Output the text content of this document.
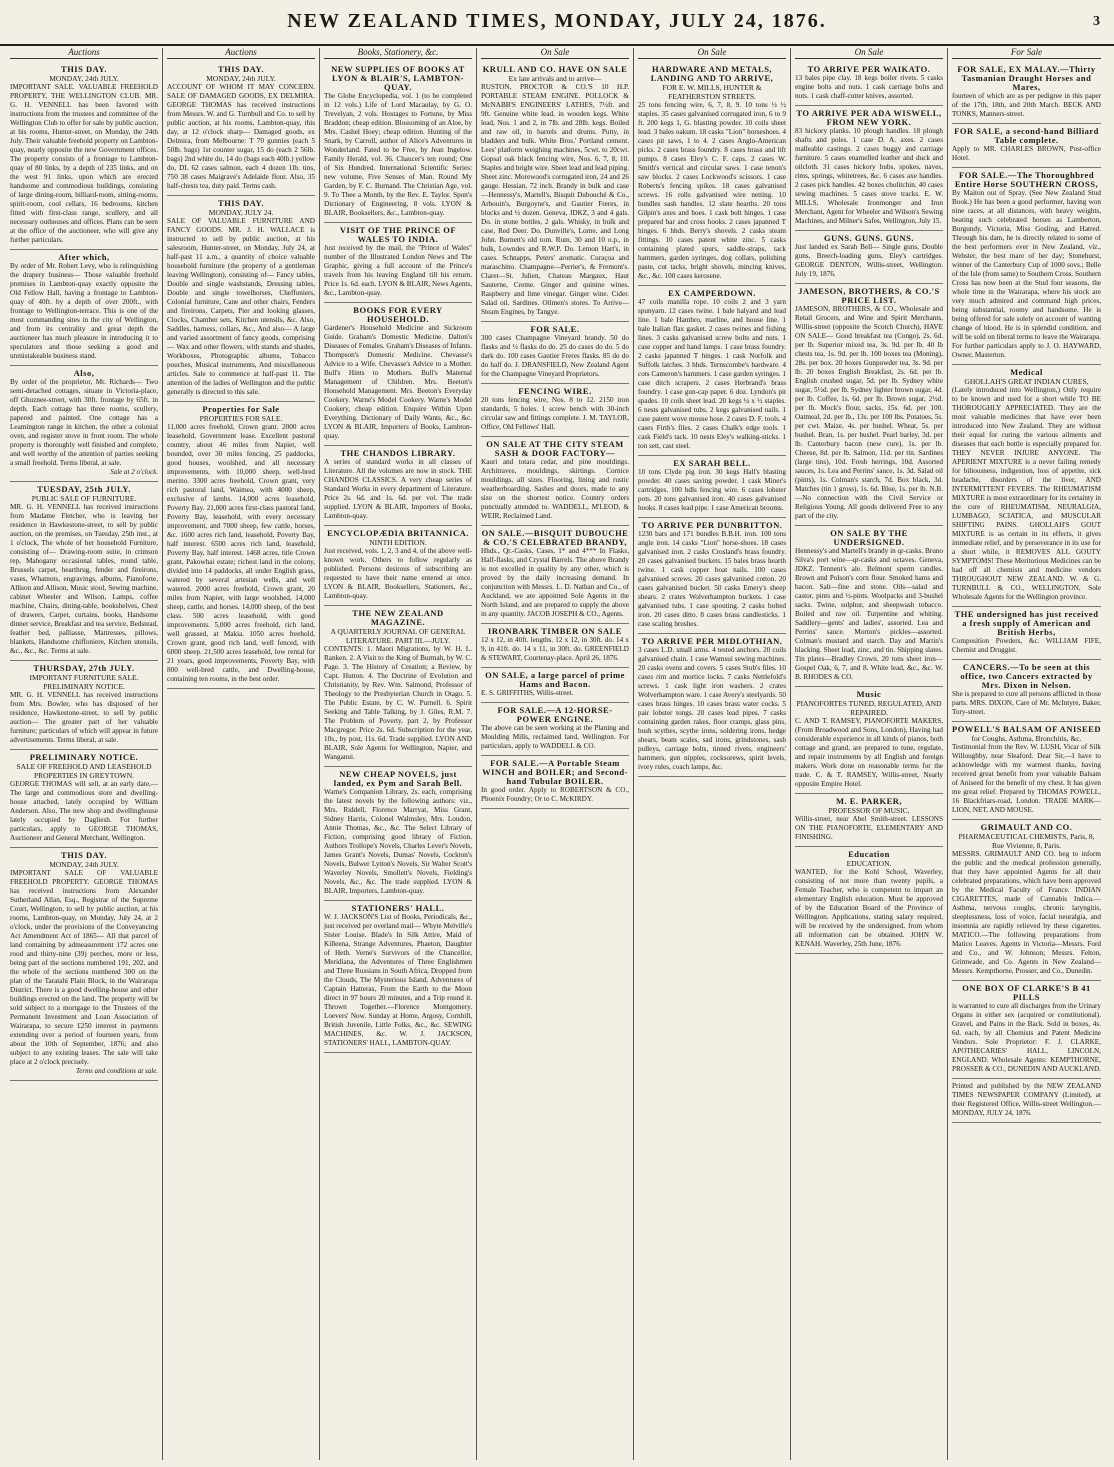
NEW ZEALAND TIMES, MONDAY, JULY 24, 1876.	3
Auctions
THIS DAY.
MONDAY, 24th JULY.
IMPORTANT SALE. VALUABLE FREEHOLD PROPERTY, THE WELLINGTON CLUB. MR. G. H. VENNELL has been favored with instructions from the trustees and committee of the Wellington Club to offer for sale by public auction, at his rooms, Hunter-street, on Monday, the 24th July. Their valuable freehold property on Lambton-quay, nearly opposite the new Government offices. The property consists of a frontage to Lambton-quay of 80 links, by a depth of 235 links, and on the west 91 links, upon which are erected handsome and commodious buildings, consisting of large dining-room, billiard-room, sitting-rooms, spirit-room, cool cellars, 16 bedrooms, kitchen fitted with first-class range, scullery, and all necessary outhouses and offices. Plans can be seen at the office of the auctioneer, who will give any further particulars.
After which,
By order of Mr. Robert Levy, who is relinquishing the drapery business— Those valuable freehold premises in Lambton-quay exactly opposite the Old Fellow Hall, having a frontage to Lambton-quay of 40ft. by a depth of over 200ft., with frontage to Wellington-terrace. This is one of the most commanding sites in the city of Wellington, and from its centrality and great depth the auctioneer has much pleasure in introducing it to speculators and those seeking a good and unmistakeable business stand.
Also,
By order of the proprietor, Mr. Richards— Two semi-detached cottages, situate in Victoria-place, off Ghuznee-street, with 30ft. frontage by 65ft. in depth. Each cottage has three rooms, scullery, papered and painted. One cottage has a Leamington range in kitchen, the other a colonial oven, and register stove in front room. The whole property is thoroughly well finished and complete, and well worthy of the attention of parties seeking a small freehold. Terms liberal, at sale.
Sale at 2 o'clock.
TUESDAY, 25th JULY.
PUBLIC SALE OF FURNITURE.
MR. G. H. VENNELL has received instructions from Madame Fletcher, who is leaving her residence in Hawkestone-street, to sell by public auction, on the premises, on Tuesday, 25th inst., at 1 o'clock, The whole of her household Furniture, consisting of— Drawing-room suite, in crimson rep, Mahogany occasional tables, round table, Brussels carpet, hearthrug, fender and fireirons, vases, Whatnots, engravings, albums, Pianoforte, Allison and Allison, Music stool, Sewing machine, cabinet Wheeler and Wilson, Lamps, coffee machine, Chairs, dining-table, bookshelves, Chest of drawers, Carpet, curtains, books, Handsome dinner service, Breakfast and tea service, Bedstead, feather bed, palliasse, Mattresses, pillows, blankets, Handsome chiffoniere, Kitchen utensils, &c., &c., &c. Terms at sale.
THURSDAY, 27th JULY.
IMPORTANT FURNITURE SALE. PRELIMINARY NOTICE.
MR. G. H. VENNELL has received instructions from Mrs. Bowler, who has disposed of her residence, Hawkestone-street, to sell by public auction— The greater part of her valuable furniture; particulars of which will appear in future advertisements. Terms liberal, at sale.
PRELIMINARY NOTICE.
SALE OF FREEHOLD AND LEASEHOLD PROPERTIES IN GREYTOWN.
GEORGE THOMAS will sell, at an early date,— The large and commodious store and dwelling-house attached, lately occupied by William Anderson. Also, The new shop and dwellinghouse lately occupied by Dagliesh. For further particulars, apply to GEORGE THOMAS, Auctioneer and General Merchant, Wellington.
THIS DAY.
MONDAY, 24th JULY.
IMPORTANT SALE OF VALUABLE FREEHOLD PROPERTY. GEORGE THOMAS has received instructions from Alexander Sutherland Allan, Esq., Registrar of the Supreme Court, Wellington, to sell by public auction, at his rooms, Lambton-quay, on Monday, July 24, at 2 o'clock, under the provisions of the Conveyancing Act Amendment Act of 1865— All that parcel of land containing by admeasurement 172 acres one rood and thirty-nine (39) perches, more or less, being part of the sections numbered 191, 202, and the whole of the sections numbered 300 on the plan of the Taratahi Plain Block, in the Wairarapa District. There is a good dwelling-house and other buildings erected on the land. The property will be sold subject to a mortgage to the Trustees of the Permanent Investment and Loan Association of Wairarapa, to secure £250 interest in payments extending over a period of fourteen years, from about the 10th of September, 1876; and also subject to any existing leases. The sale will take place at 2 o'clock precisely.
Terms and conditions at sale.
Auctions
THIS DAY.
MONDAY, 24th JULY.
ACCOUNT OF WHOM IT MAY CONCERN. SALE OF DAMAGED GOODS, EX DELMIRA. GEORGE THOMAS has received instructions from Messrs. W. and G. Turnbull and Co. to sell by public auction, at his rooms, Lambton-quay, this day, at 12 o'clock sharp— Damaged goods, ex Delmira, from Melbourne: T 70 gunnies (each 5 50lb. bags) 1st counter sugar, 15 do (each 2 56lb. bags) 2nd white do, 14 do (bags each 40lb.) yellow do, DL 62 cases salmon, each 4 dozen 1lb. tins, 750 38 cases Maigrave's Adelaide flour. Also, 35 half-chests tea, duty paid. Terms cash.
THIS DAY.
MONDAY, JULY 24.
SALE OF VALUABLE FURNITURE AND FANCY GOODS. MR. J. H. WALLACE is instructed to sell by public auction, at his salesroom, Hunter-street, on Monday, July 24, at half-past 11 a.m., a quantity of choice valuable household furniture (the property of a gentleman leaving Wellington), consisting of— Fancy tables, Double and single washstands, Dressing tables, Double and single towelhorses, Cheffoniers, Colonial furniture, Cane and other chairs, Fenders and fireirons, Carpets, Pier and looking glasses, Clocks, Chamber sets, Kitchen utensils, &c. Also, Saddles, harness, collars, &c., And also— A large and varied assortment of fancy goods, comprising— Wax and other flowers, with stands and shades, Workboxes, Photographic albums, Tobacco pouches, Musical instruments, And miscellaneous articles. Sale to commence at half-past 11. The attention of the ladies of Wellington and the public generally is directed to this sale.
Properties for Sale
PROPERTIES FOR SALE.
11,000 acres freehold, Crown grant. 2000 acres leasehold, Government lease. Excellent pastoral country, about 46 miles from Napier, well bounded, over 30 miles fencing, 25 paddocks, good houses, woolshed, and all necessary improvements, with 10,000 sheep, well-bred merino. 3300 acres freehold, Crown grant, very rich pastoral land, Waimea, with 4000 sheep, exclusive of lambs. 14,000 acres leasehold, Poverty Bay. 21,000 acres first-class pastoral land, Poverty Bay, leasehold, with every necessary improvement, and 7000 sheep, few cattle, horses, &c. 1600 acres rich land, leasehold, Poverty Bay, half interest. 6500 acres rich land, leasehold, Poverty Bay, half interest. 1468 acres, title Crown grant, Pakowhai estate; richest land in the colony, divided into 14 paddocks, all under English grass, watered by several artesian wells, and well watered. 2000 acres freehold, Crown grant, 20 miles from Napier, with large woolshed, 14,000 sheep, cattle, and horses. 14,000 sheep, of the best class. 500 acres leasehold, with good improvements. 5,000 acres freehold, rich land, well grassed, at Makia. 1050 acres freehold, Crown grant, good rich land, well fenced, with 6000 sheep. 21,500 acres leasehold, low rental for 21 years, good improvements, Poverty Bay, with 800 well-bred cattle, and Dwelling-house, containing ten rooms, in the best order.
Books, Stationery, &c.
NEW SUPPLIES OF BOOKS AT LYON & BLAIR'S, LAMBTON-QUAY.
The Globe Encyclopedia, vol. 1 (to be completed in 12 vols.) Life of Lord Macaulay, by G. O. Trevelyan, 2 vols. Hostages to Fortune, by Miss Braddon; cheap edition. Blossoming of an Aloe, by Mrs. Cashel Hoey; cheap edition. Hunting of the Snark, by Carroll, author of Alice's Adventures in Wonderland. Fated to be Free, by Jean Ingelow. Family Herald, vol. 36. Chaucer's ten round; One of Six Hundred. International Scientific Series: new volume, Five Senses of Man. Round My Garden, by F. C. Burnand. The Christian Age, vol. 9. To Thee a Month, by the Rev. E. Taylor. Spon's Dictionary of Engineering, 8 vols. LYON & BLAIR, Booksellers, &c., Lambton-quay.
VISIT OF THE PRINCE OF WALES TO INDIA.
Just received by the mail, the "Prince of Wales" number of the Illustrated London News and The Graphic, giving a full account of the Prince's travels from his leaving England till his return. Price 1s. 6d. each. LYON & BLAIR, News Agents, &c., Lambton-quay.
BOOKS FOR EVERY HOUSEHOLD.
Gardener's Household Medicine and Sickroom Guide. Graham's Domestic Medicine. Dalton's Diseases of Females. Graham's Diseases of Infants. Thompson's Domestic Medicine. Chevasse's Advice to a Wife. Chevasse's Advice to a Mother. Bull's Hints to Mothers. Bull's Maternal Management of Children. Mrs. Beeton's Household Management. Mrs. Beeton's Everyday Cookery. Warne's Model Cookery. Warne's Model Cookery, cheap edition. Enquire Within Upon Everything. Dictionary of Daily Wants, &c., &c. LYON & BLAIR, Importers of Books, Lambton-quay.
THE CHANDOS LIBRARY.
A series of standard works in all classes of Literature. All the volumes are now in stock. THE CHANDOS CLASSICS. A very cheap series of Standard Works in every department of Literature. Price 2s. 6d. and 1s. 6d. per vol. The trade supplied. LYON & BLAIR, Importers of Books, Lambton-quay.
ENCYCLOPÆDIA BRITANNICA.
NINTH EDITION.
Just received, vols. 1, 2, 3 and 4, of the above well-known work. Others to follow regularly as published. Persons desirous of subscribing are requested to have their name entered at once. LYON & BLAIR, Booksellers, Stationers, &c., Lambton-quay.
THE NEW ZEALAND MAGAZINE.
A QUARTERLY JOURNAL OF GENERAL LITERATURE. PART III.—JULY.
CONTENTS: 1. Maori Migrations, by W. H. L. Ranken. 2. A Visit to the King of Burmah, by W. C. Page. 3. The History of Creation; a Review, by Capt. Hutton. 4. The Doctrine of Evolution and Christianity, by Rev. Wm. Salmond, Professor of Theology to the Presbyterian Church in Otago. 5. The Public Estate, by C. W. Purnell. 6. Spirit Seeking and Table Talking, by J. Giles, R.M. 7. The Problem of Poverty, part 2, by Professor Macgregor. Price 2s. 6d. Subscription for the year, 10s., by post, 11s. 6d. Trade supplied. LYON AND BLAIR, Sole Agents for Wellington, Napier, and Wanganui.
NEW CHEAP NOVELS, just landed, ex Pym and Sarah Bell.
Warne's Companion Library, 2s. each, comprising the latest novels by the following authors: viz., Mrs. Riddell, Florence Marryat, Miss Grant, Sidney Harris, Colonel Walmsley, Mrs. Loudon, Annie Thomas, &c., &c. The Select Library of Fiction, comprising good library of Fiction. Authors Trollope's Novels, Charles Lever's Novels, James Grant's Novels, Dumas' Novels, Cockton's Novels, Bulwer Lytton's Novels, Sir Walter Scott's Waverley Novels, Smollett's Novels, Fielding's Novels, &c., &c. The trade supplied. LYON & BLAIR, Importers, Lambton-quay.
STATIONERS' HALL.
W. J. JACKSON'S List of Books, Periodicals, &c., just received per overland mail— Whyte Melville's Sister Louise. Blade's In Silk Attire, Maid of Killeena, Strange Adventures, Phaeton, Daughter of Heth. Verne's Survivors of the Chancellor, Meridiana, the Adventures of Three Englishmen and Three Russians in South Africa, Dropped from the Clouds, The Mysterious Island, Adventures of Captain Hatteras, From the Earth to the Moon direct in 97 hours 20 minutes, and a Trip round it. Thrown Together.—Florence Montgomery. Loevers' Now. Sunday at Home, Argosy, Cornhill, British Juvenile, Little Folks, &c., &c. SEWING MACHINES, &c. W. J. JACKSON, STATIONERS' HALL, LAMBTON-QUAY.
On Sale
KRULL AND CO. HAVE ON SALE
Ex late arrivals and to arrive—
RUSTON, PROCTOR & CO.'S 10 H.P. PORTABLE STEAM ENGINE. POLLOCK & McNABB'S ENGINEERS' LATHES, 7½ft. and 9ft. Genuine white lead, in wooden kegs. White lead, Nos. 1 and 2, in 7lb. and 28lb. kegs. Boiled and raw oil, in barrels and drums. Putty, in bladders and bulk. White Bros.' Portland cement. Lees' platform weighing machines, 5cwt. to 20cwt. Gopsal oak black fencing wire, Nos. 6, 7, 8, 10. Staples and bright wire. Sheet lead and lead piping. Sheet zinc. Morewood's corrugated iron, 24 and 26 gauge. Hessian, 72 inch. Brandy in bulk and case—Hennessy's, Martell's, Bisquit Dubouché & Co., Arbouin's, Burgoyne's, and Gautier Freres, in blocks and ½ dozen. Geneva, JDKZ, 3 and 4 gals. Do. in stone bottles, 2 gals. Whisky, in bulk and case, Red Deer. Do. Dunville's, Lorne, and Long John. Burnett's old tom. Rum, 30 and 10 o.p., in bulk, Lowndes and R.W.P. Do. Lemon Hart's, in cases. Schnapps, Peters' aromatic. Curaçoa and maraschino. Champagne—Perrier's, & Fremont's. Claret—St. Julien, Chateau Margaux, Haut Sauterne, Creme. Ginger and quinine wines. Raspberry and lime vinegar. Ginger wine. Cider. Salad oil. Sardines. Oilmen's stores. To Arrive—Steam Engines, by Tangye.
FOR SALE.
300 cases Champagne Vineyard brandy. 50 do flasks and ½ flasks do do. 25 do cases do do. 5 do dark do. 100 cases Gautier Freres flasks. 85 do do do half do. J. DRANSFIELD, New Zealand Agent for the Champagne Vineyard Proprietors.
FENCING WIRE.
20 tons fencing wire, Nos. 8 to 12. 2150 iron standards, 5 holes. 1 screw bench with 30-inch circular saw and fittings complete. J. M. TAYLOR, Office, Old Fellows' Hall.
ON SALE AT THE CITY STEAM SASH & DOOR FACTORY—
Kauri and totara cedar, and pine mouldings. Architraves, mouldings, skirtings. Cornice mouldings, all sizes. Flooring, lining and rustic weatherboarding. Sashes and doors, made to any size on the shortest notice. Country orders punctually attended to. WADDELL, M'LEOD, & WEIR, Reclaimed Land.
ON SALE.—BISQUIT DUBOUCHE & CO.'S CELEBRATED BRANDY,
Hhds., Qr.-Casks, Cases, 1* and 4*** In Flasks, Half-flasks, and Crystal Barrels. The above Brandy is not excelled in quality by any other, which is proved by the daily increasing demand. In conjunction with Messrs. L. D. Nathan and Co., of Auckland, we are appointed Sole Agents in the North Island, and are prepared to supply the above in any quantity. JACOB JOSEPH & CO., Agents.
IRONBARK TIMBER ON SALE
12 x 12, in 40ft. lengths. 12 x 12, in 30ft. do. 14 x 9, in 41ft. do. 14 x 11, in 30ft. do. GREENFIELD & STEWART, Courtenay-place. April 26, 1876.
ON SALE, a large parcel of prime Hams and Bacon.
E. S. GRIFFITHS, Willis-street.
FOR SALE.—A 12-HORSE-POWER ENGINE.
The above can be seen working at the Planing and Moulding Mills, reclaimed land, Wellington. For particulars, apply to WADDELL & CO.
FOR SALE.—A Portable Steam WINCH and BOILER; and Second-hand Tubular BOILER.
In good order. Apply to ROBERTSON & CO., Phoenix Foundry; Or to C. McKIRDY.
On Sale
HARDWARE AND METALS, LANDING AND TO ARRIVE,
FOR E. W. MILLS, HUNTER & FEATHERSTON STREETS.
25 tons fencing wire, 6, 7, 8, 9. 10 tons ½ ½ staples. 35 cases galvanised corrugated iron, 6 to 9 ft. 200 kegs 1, G. blasting powder. 10 coils sheet lead. 3 bales oakum. 18 casks "Lion" horseshoes. 4 cases pit saws, 1 to 4. 2 cases Anglo-American picks. 2 cases brass foundry. 8 cases brass and lift pumps. 8 cases Eley's C. F. caps. 2 cases W. Smith's vertical and circular saws. 1 case tenon's saw blocks. 2 cases Lockwood's scissors. 1 case Roberts's fencing spikes. 18 cases galvanised screws. 16 rolls galvanised wire netting. 10 bundles sash handles. 12 slate hearths. 20 tons Gilpin's axes and hoes. 1 cask bolt hinges. 1 case prepared bar and cross hooks. 2 cases japanned T hinges. 6 hhds. Berry's shovels. 2 casks steam fittings. 10 cases patent white zinc. 5 casks containing plated spurs, saddle-straps, tack hammers, garden syringes, dog collars, polishing paste, cut tacks, bright shovels, mincing knives, &c., &c. 100 cases kerosene.
EX CAMPERDOWN.
47 coils manilla rope. 10 coils 2 and 3 yarn spunyarn. 12 cases twine. 1 bale halyard and lead line. 1 bale Hambro, marline, and house line. 1 bale Italian flax gasket. 2 cases twines and fishing lines. 3 casks galvanised screw bolts and nuts. 1 case copper and hand lamps. 1 case brass foundry. 2 casks japanned T hinges. 1 cask Norfolk and Suffolk latches. 3 hhds. Ternscombe's hardware. 4 cots Cameron's hammers. 1 case garden syringes. 1 case ditch scrapers. 2 cases Herbrand's brass foundry. 1 case gun-cap paper. 6 doz. Lyndon's pit spades. 10 coils sheet lead. 20 kegs ¼ x ½ staples. 6 nests galvanised tubs. 2 kegs galvanised nails. 1 case patent wove mouse hose. 2 cases D. F. tools. 4 cases Firth's files. 2 cases Chalk's edge tools. 1 cask Field's tack. 10 nests Eley's walking-sticks. 1 ton sett, cast steel.
EX SARAH BELL.
10 tons Clyde pig iron. 30 kegs Hall's blasting powder. 40 cases saving powder. 1 cask Miner's cartridges. 100 bdls fencing wire. 6 cases lobster pots. 20 tons galvanised iron. 40 cases galvanised hooks. 8 cases lead pipe. 1 case American brooms.
TO ARRIVE PER DUNBRITTON.
1230 bars and 171 bundles B.B.H. iron. 100 tons angle iron. 14 casks "Lion" horse-shoes. 18 cases galvanised iron. 2 casks Crosland's brass foundry. 20 cases galvanised buckets. 15 bales brass hearth twine. 1 cask copper boat nails. 100 cases galvanised screws. 20 cases galvanised cotton. 20 cases galvanised bucket. 50 casks Emery's sheep shears. 2 crates Wolverhampton buckets. 1 case galvanised tubs. 1 case spouting. 2 casks bolted iron. 20 cases ditto. 8 cases brass candlesticks. 1 case scaling brushes.
TO ARRIVE PER MIDLOTHIAN.
3 cases L.D. small arms. 4 tested anchors. 20 coils galvanised chain. 1 case Wamsui sewing machines. 20 casks ovens and covers. 5 cases Stub's files. 10 cases rim and mortice locks. 7 casks Nettlefold's screws. 1 cask light iron washers. 2 crates Wolverhampton ware. 1 case Avery's steelyards. 50 cases brass hinges. 10 cases brass water cocks. 5 pair lobster tongs. 20 cases lead pipes. 7 casks containing garden rakes, floor cramps, glass pins, bush scythes, scythe irons, soldering irons, hedge shears, beam scales, sad irons, grindstones, sash pulleys, carriage bolts, tinned rivets, engineers' hammers, gun nipples, cocksorews, spirit levels, ivory rules, coach lamps, &c.
On Sale
TO ARRIVE PER WAIKATO.
13 bales pipe clay. 18 kegs boiler rivets. 5 casks engine bolts and nuts. 1 cask carriage bolts and nuts. 1 cask chaff-cutter knives, assorted.
TO ARRIVE PER ADA WISWELL, FROM NEW YORK.
83 hickory planks. 10 plough handles. 18 plough shafts and poles. 1 case D. A. axes. 2 cases malleable castings. 2 cases buggy and carriage furniture. 5 cases enamelled leather and duck and oilcloth. 31 cases hickory hubs, spokes, naves, rims, springs, whitetrees, &c. 6 cases axe handles. 2 cases pick handles. 42 boxes cholitchin. 40 cases sewing machines. 5 cases stove tracks. E. W. MILLS, Wholesale Ironmonger and Iron Merchant, Agent for Wheeler and Wilson's Sewing Machines, and Milner's Safes, Wellington, July 15.
GUNS. GUNS. GUNS.
Just landed ex Sarah Bell— Single guns, Double guns, Breech-loading guns, Eley's cartridges. GEORGE DENTON, Willis-street, Wellington. July 19, 1876.
JAMESON, BROTHERS, & CO.'S PRICE LIST.
JAMESON, BROTHERS, & CO., Wholesale and Retail Grocers, and Wine and Spirit Merchants, Willis-street (opposite the Scotch Church), HAVE ON SALE— Good breakfast tea (Congo), 2s. 6d. per lb. Superior mixed tea, 3s. 9d. per lb. 40 lb chests tea, 1s. 9d. per lb. 100 boxes tea (Moning), 28s. per box. 20 boxes Gunpowder tea, 3s. 9d. per lb. 20 boxes English Breakfast, 2s. 6d. per lb. English crushed sugar, 5d. per lb. Sydney white sugar, 5½d. per lb. Sydney lighter brown sugar, 4d. per lb. Coffee, 1s. 6d. per lb. Brown sugar, 2½d. per lb. Mock's flour, sacks, 15s. 6d. per 100. Oatmeal, 2d. per lb., 13s. per 100 lbs. Potatoes, 5s. per cwt. Maize, 4s. per bushel. Wheat, 5s. per bushel. Bran, 1s. per bushel. Pearl barley, 3d. per lb. Canterbury bacon (new cure), 1s. per lb. Cheese, 8d. per lb. Salmon, 11d. per tin. Sardines (large tins), 10d. Fresh herrings, 10d. Assorted sauces, 1s. Lea and Perrins' sauce, 1s. 3d. Salad oil (pints), 1s. Colman's starch, 7d. Box black, 3d. Matches (tin 1 gross), 1s. 6d. Blue, 1s. per lb. N.B.—No connection with the Civil Service or Religious Young. All goods delivered Free to any part of the city.
ON SALE BY THE UNDERSIGNED.
Hennessy's and Martell's brandy in qr-casks. Bruno Silva's port wine—qr-casks and octaves. Geneva, JDKZ. Tennent's ale. Belmont sperm candles. Brown and Polson's corn flour. Smoked hams and bacon. Salt—fine and stone. Oils—salad and castor, pints and ½-pints. Woolpacks and 3-bushel sacks. Twine, sulphur, and sheepwash tobacco. Boiled and raw oil. Turpentine and whiting. Saddlery—gents' and ladies', assorted. Lea and Perrins' sauce. Morton's pickles—assorted. Colman's mustard and starch. Day and Martin's blacking. Sheet lead, zinc, and tin. Shipping slates. Tin plates—Bradley Crown. 20 tons sheet iron—Gospel Oak, 6, 7, and 8. White lead, &c., &c. W. B. RHODES & CO.
Music
PIANOFORTES TUNED, REGULATED, AND REPAIRED.
C. AND T. RAMSEY, PIANOFORTE MAKERS, (From Broadwood and Sons, London), Having had considerable experience in all kinds of pianos, both cottage and grand, are prepared to tune, regulate, and repair instruments by all English and foreign makers. Work done on reasonable terms for the trade. C. & T. RAMSEY, Willis-street, Nearly opposite Empire Hotel.
M. E. PARKER,
PROFESSOR OF MUSIC,
Willis-street, near Abel Smith-street. LESSONS ON THE PIANOFORTE, ELEMENTARY AND FINISHING.
Education
EDUCATION.
WANTED, for the Kohl School, Waverley, consisting of not more than twenty pupils, a Female Teacher, who is competent to impart an elementary English education. Must be approved of by the Education Board of the Province of Wellington. Applications, stating salary required, will be received by the undersigned, from whom all information can be obtained. JOHN W. KENAH. Waverley, 25th June, 1876.
For Sale
FOR SALE, EX MALAY.—Thirty Tasmanian Draught Horses and Mares,
fourteen of which are as per pedigree in this paper of the 17th, 18th, and 20th March. BECK AND TONKS, Manners-street.
FOR SALE, a second-hand Billiard Table complete.
Apply to MR. CHARLES BROWN, Post-office Hotel.
FOR SALE.—The Thoroughbred Entire Horse SOUTHERN CROSS,
By Maiton out of Spray. (See New Zealand Stud Book.) He has been a good performer, having won nine races, at all distances, with heavy weights, beating such celebrated horses as Lamberton, Burgundy, Victoria, Miss Gosling, and Hatred. Through his dam, he is directly related to some of the best performers ever in New Zealand, viz., Webster, the best mare of her day; Stonehurst, winner of the Canterbury Cup of 1000 sovs.; Belle of the Isle (from same) to Southern Cross. Southern Cross has now been at the Stud four seasons, the whole time in the Wairarapa, where his stock are very much admired and command high prices, being substantial, roomy and handsome. He is being offered for sale solely on account of wanting change of blood. He is in splendid condition, and will be sold on liberal terms to leave the Wairarapa. For further particulars apply to J. O. HAYWARD, Owner, Masterton.
Medical
GHOLLAH'S GREAT INDIAN CURES,
(Lately introduced into Wellington,) Only require to be known and used for a short while TO BE THOROUGHLY APPRECIATED. They are the most valuable medicines that have ever been introduced into New Zealand. They are without their equal for curing the various ailments and diseases that each bottle is especially prepared for. THEY NEVER INJURE ANYONE. The APERIENT MIXTURE is a never failing remedy for biliousness, indigestion, loss of appetite, sick headache, disorders of the liver, AND INTERMITTENT FEVERS. The RHEUMATISM MIXTURE is most extraordinary for its certainty in the cure of RHEUMATISM, NEURALGIA, LUMBAGO, SCIATICA, and MUSCULAR SHIFTING PAINS. GHOLLAH'S GOUT MIXTURE is as certain in its effects, it gives immediate relief, and by perseverance in its use for a short while, it REMOVES ALL GOUTY SYMPTOMS! These Meritorious Medicines can be had off all chemists and medicine vendors THROUGHOUT NEW ZEALAND. W. & G. TURNBULL & CO., WELLINGTON, Sole Wholesale Agents for the Wellington province.
THE undersigned has just received a fresh supply of American and British Herbs,
Composition Powders, &c. WILLIAM FIFE, Chemist and Druggist.
CANCERS.—To be seen at this office, two Cancers extracted by Mrs. Dixon in Nelson.
She is prepared to cure all persons afflicted in those parts. MRS. DIXON, Care of Mr. McIntyre, Baker, Tory-street.
POWELL'S BALSAM OF ANISEED
for Coughs, Asthma, Bronchitis, &c.
Testimonial from the Rev. W. LUSH, Vicar of Silk Willoughby, near Sleaford. Dear Sir,—I have to acknowledge with my warmest thanks, having received great benefit from your valuable Balsam of Aniseed for the benefit of my chest. It has given me great relief. Prepared by THOMAS POWELL, 16 Blackfriars-road, London. TRADE MARK—LION, NET, AND MOUSE.
GRIMAULT AND CO.
PHARMACEUTICAL CHEMISTS, Paris, 8, Rue Vivienne, 8, Paris.
MESSRS. GRIMAULT AND CO. beg to inform the public and the medical profession generally, that they have appointed Agents for all their celebrated preparations, which have been approved by the Medical Faculty of France. INDIAN CIGARETTES, made of Cannabis Indica.—Asthma, nervous coughs, chronic laryngitis, sleeplessness, loss of voice, facial neuralgia, and insomnia are rapidly relieved by these cigarettes. MATICO.—The following preparations from Matico Leaves. Agents in Victoria—Messrs. Ford and Co., and W. Johnson; Messrs. Felton, Grimwade, and Co. Agents in New Zealand—Messrs. Kempthorne, Prosser, and Co., Dunedin.
ONE BOX OF CLARKE'S B 41 PILLS
is warranted to cure all discharges from the Urinary Organs in either sex (acquired or constitutional). Gravel, and Pains in the Back. Sold in boxes, 4s. 6d. each, by all Chemists and Patent Medicine Vendors. Sole Proprietor: F. J. CLARKE, APOTHECARIES' HALL, LINCOLN, ENGLAND. Wholesale Agents: KEMPTHORNE, PROSSER & CO., DUNEDIN AND AUCKLAND.
Printed and published by the NEW ZEALAND TIMES NEWSPAPER COMPANY (Limited), at their Registered Office, Willis-street Wellington.—MONDAY, JULY 24, 1876.
